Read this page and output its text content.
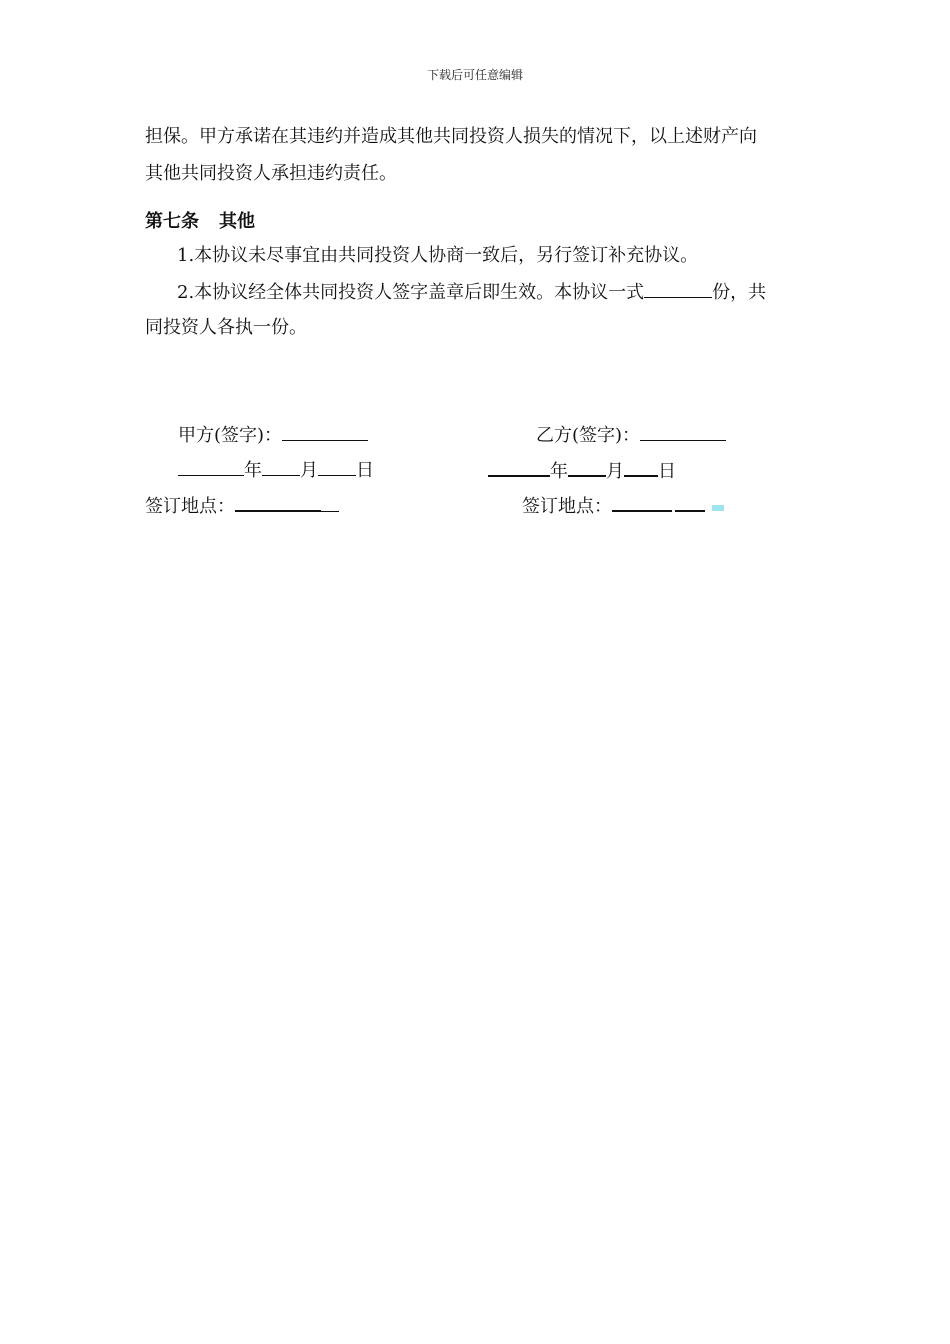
下载后可任意编辑
担保。甲方承诺在其违约并造成其他共同投资人损失的情况下，以上述财产向
其他共同投资人承担违约责任。
第七条 其他
1.本协议未尽事宜由共同投资人协商一致后，另行签订补充协议。
2.本协议经全体共同投资人签字盖章后即生效。本协议一式	份，共
同投资人各执一份。
甲方(签字)：
年 月 日
签订地点：
乙方(签字)：
年 月 日
签订地点：
